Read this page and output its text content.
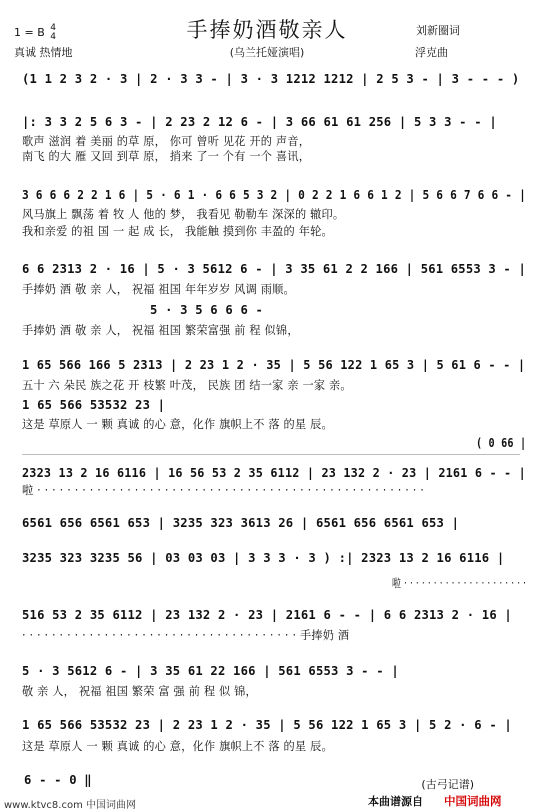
1 = B 4
4	手捧奶酒敬亲人	刘新圈词
真诚 热情地	(乌兰托娅演唱)	浮克曲
(1 1 2 3 2 · 3 | 2 · 3 3 - | 3 · 3 1212 1212 | 2 5 3 - | 3 - - - )
|: 3 3 2 5 6 3 - | 2 23 2 12 6 - | 3 66 61 61 256 | 5 3 3 - - |
歌声 滋润 着 美丽 的草 原， 你可 曾听 见花 开的 声音，
南飞 的大 雁 又回 到草 原， 捎来 了一 个有 一个 喜讯，
3 6 6 6 2 2 1 6 | 5 · 6 1 · 6 6 5 3 2 | 0 2 2 1 6 6 1 2 | 5 6 6 7 6 6 - |
风马旗上 飘荡 着 牧 人 他的 梦， 我看见 勒勒车 深深的 辙印。
我和亲爱 的祖 国 一 起 成 长， 我能触 摸到你 丰盈的 年轮。
6 6 2313 2 · 16 | 5 · 3 5612 6 - | 3 35 61 2 2 166 | 561 6553 3 - |
手捧奶 酒 敬 亲 人， 祝福 祖国 年年岁岁 风调 雨顺。
5 · 3 5 6 6 6 -
手捧奶 酒 敬 亲 人， 祝福 祖国 繁荣富强 前 程 似锦，
1 65 566 166 5 2313 | 2 23 1 2 · 35 | 5 56 122 1 65 3 | 5 61 6 - - |
五十 六 朵民 族之花 开 枝繁 叶茂， 民族 团 结一家 亲 一家 亲。
1 65 566 53532 23 |
这是 草原人 一 颗 真诚 的心 意，化作 旗帜上不 落 的星 辰。
( 0 66 |
2323 13 2 16 6116 | 16 56 53 2 35 6112 | 23 132 2 · 23 | 2161 6 - - |
啦 · · · · · · · · · · · · · · · · · · · · · · · · · · · · · · · · · · · · · · · · · · · · · · · · · · · ·
6561 656 6561 653 | 3235 323 3613 26 | 6561 656 6561 653 |
3235 323 3235 56 | 03 03 03 | 3 3 3 · 3 ) :| 2323 13 2 16 6116 |
啦 · · · · · · · · · · · · · · · · · · · · ·
516 53 2 35 6112 | 23 132 2 · 23 | 2161 6 - - | 6 6 2313 2 · 16 |
· · · · · · · · · · · · · · · · · · · · · · · · · · · · · · · · · · · · · 手捧奶 酒
5 · 3 5612 6 - | 3 35 61 22 166 | 561 6553 3 - - |
敬 亲 人， 祝福 祖国 繁荣 富 强 前 程 似 锦，
1 65 566 53532 23 | 2 23 1 2 · 35 | 5 56 122 1 65 3 | 5 2 · 6 - |
这是 草原人 一 颗 真诚 的心 意，化作 旗帜上不 落 的星 辰。
6 - - 0 ‖	(古弓记谱)
www.ktvc8.com 中国词曲网	本曲谱源自 中国词曲网
